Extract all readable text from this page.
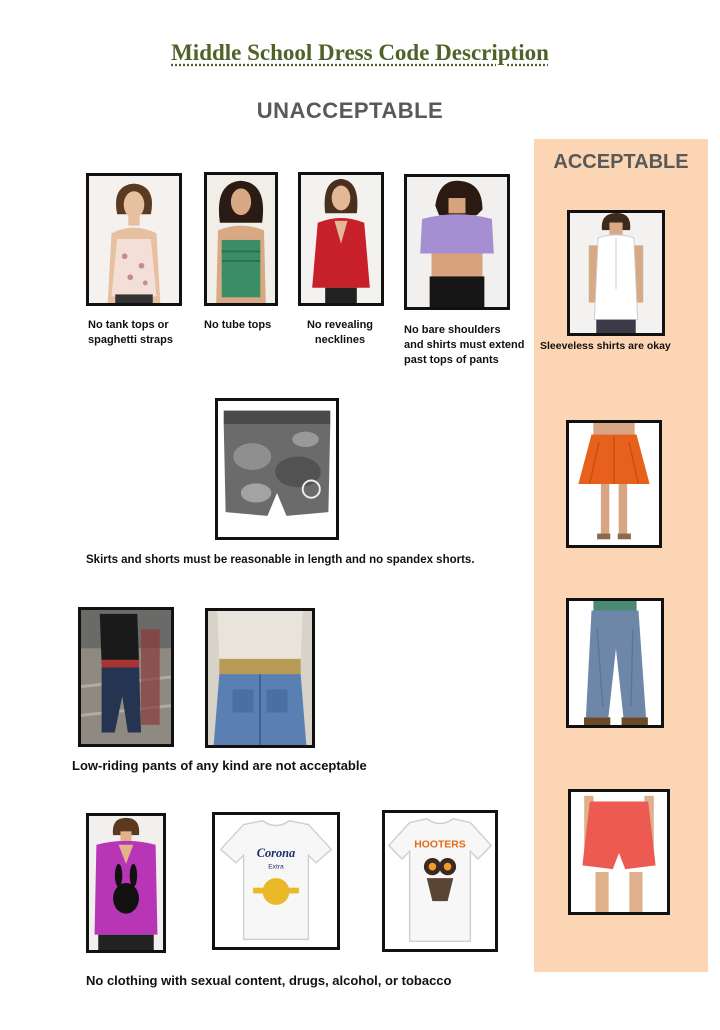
Middle School Dress Code Description
UNACCEPTABLE
ACCEPTABLE
No tank tops or
spaghetti straps
No tube tops	No revealing
necklines
No bare shoulders
and shirts must extend
past tops of pants
Skirts and shorts must be reasonable in length and no spandex shorts.
Low-riding pants of any kind are not acceptable
Corona
Extra
HOOTERS
No clothing with sexual content, drugs, alcohol, or tobacco
Sleeveless shirts are okay
